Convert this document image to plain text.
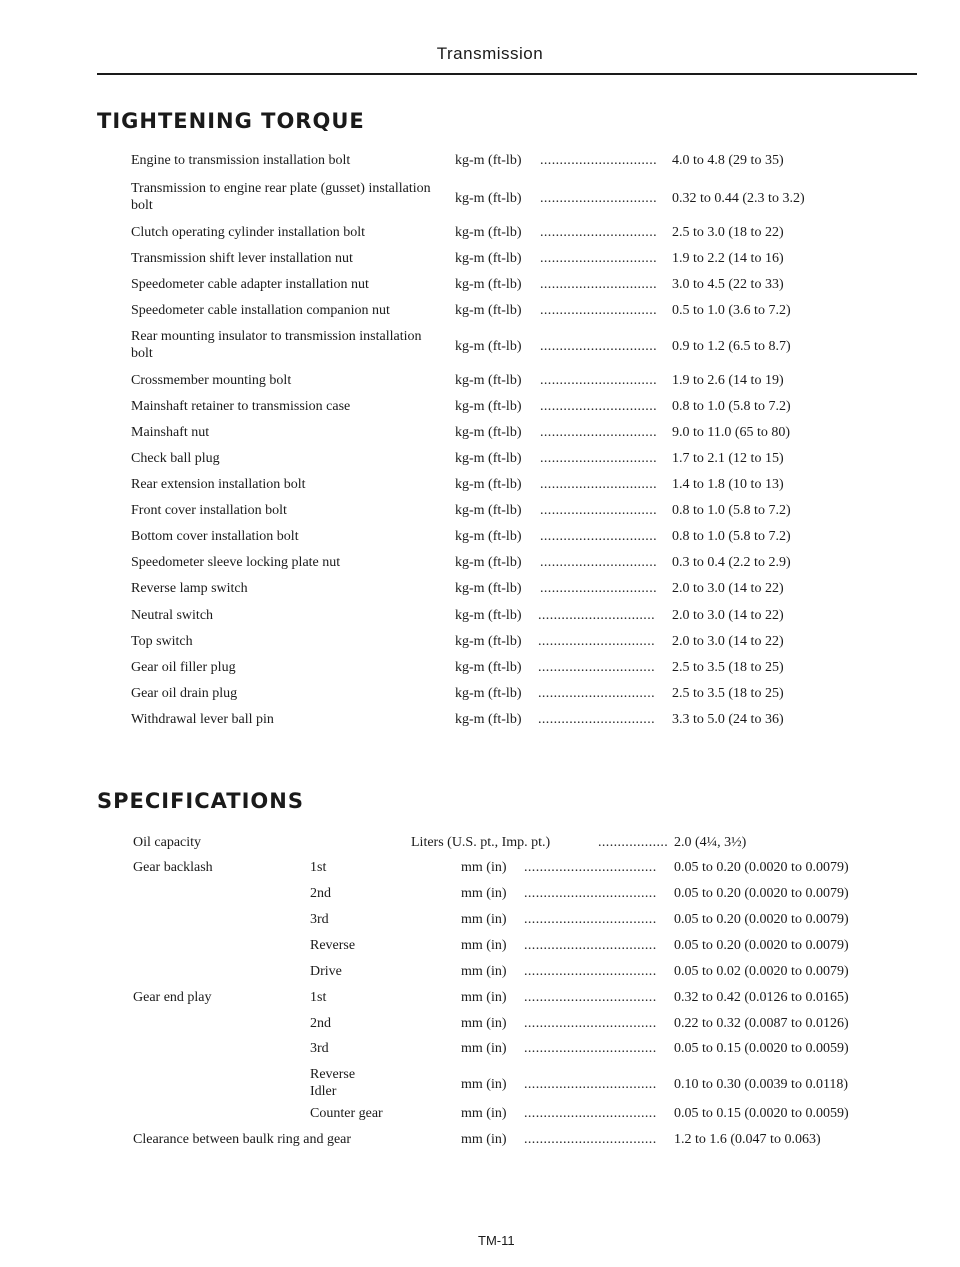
Transmission
TIGHTENING TORQUE
Engine to transmission installation bolt	kg-m (ft-lb) .............................. 4.0 to 4.8 (29 to 35)
Transmission to engine rear plate (gusset) installation bolt	kg-m (ft-lb) .............................. 0.32 to 0.44 (2.3 to 3.2)
Clutch operating cylinder installation bolt	kg-m (ft-lb) .............................. 2.5 to 3.0 (18 to 22)
Transmission shift lever installation nut	kg-m (ft-lb) .............................. 1.9 to 2.2 (14 to 16)
Speedometer cable adapter installation nut	kg-m (ft-lb) .............................. 3.0 to 4.5 (22 to 33)
Speedometer cable installation companion nut	kg-m (ft-lb) .............................. 0.5 to 1.0 (3.6 to 7.2)
Rear mounting insulator to transmission installation bolt	kg-m (ft-lb) .............................. 0.9 to 1.2 (6.5 to 8.7)
Crossmember mounting bolt	kg-m (ft-lb) .............................. 1.9 to 2.6 (14 to 19)
Mainshaft retainer to transmission case	kg-m (ft-lb) .............................. 0.8 to 1.0 (5.8 to 7.2)
Mainshaft nut	kg-m (ft-lb) .............................. 9.0 to 11.0 (65 to 80)
Check ball plug	kg-m (ft-lb) .............................. 1.7 to 2.1 (12 to 15)
Rear extension installation bolt	kg-m (ft-lb) .............................. 1.4 to 1.8 (10 to 13)
Front cover installation bolt	kg-m (ft-lb) .............................. 0.8 to 1.0 (5.8 to 7.2)
Bottom cover installation bolt	kg-m (ft-lb) .............................. 0.8 to 1.0 (5.8 to 7.2)
Speedometer sleeve locking plate nut	kg-m (ft-lb) .............................. 0.3 to 0.4 (2.2 to 2.9)
Reverse lamp switch	kg-m (ft-lb) .............................. 2.0 to 3.0 (14 to 22)
Neutral switch	kg-m (ft-lb) .............................. 2.0 to 3.0 (14 to 22)
Top switch	kg-m (ft-lb) .............................. 2.0 to 3.0 (14 to 22)
Gear oil filler plug	kg-m (ft-lb) .............................. 2.5 to 3.5 (18 to 25)
Gear oil drain plug	kg-m (ft-lb) .............................. 2.5 to 3.5 (18 to 25)
Withdrawal lever ball pin	kg-m (ft-lb) .............................. 3.3 to 5.0 (24 to 36)
SPECIFICATIONS
Oil capacity	Liters (U.S. pt., Imp. pt.)	.................. 2.0 (4¼, 3½)
Gear backlash	1st	mm (in) .................................. 0.05 to 0.20 (0.0020 to 0.0079)
2nd	mm (in) .................................. 0.05 to 0.20 (0.0020 to 0.0079)
3rd	mm (in) .................................. 0.05 to 0.20 (0.0020 to 0.0079)
Reverse	mm (in) .................................. 0.05 to 0.20 (0.0020 to 0.0079)
Drive	mm (in) .................................. 0.05 to 0.02 (0.0020 to 0.0079)
Gear end play	1st	mm (in) .................................. 0.32 to 0.42 (0.0126 to 0.0165)
2nd	mm (in) .................................. 0.22 to 0.32 (0.0087 to 0.0126)
3rd	mm (in) .................................. 0.05 to 0.15 (0.0020 to 0.0059)
Reverse Idler	mm (in) .................................. 0.10 to 0.30 (0.0039 to 0.0118)
Counter gear	mm (in) .................................. 0.05 to 0.15 (0.0020 to 0.0059)
Clearance between baulk ring and gear	mm (in) .................................. 1.2 to 1.6 (0.047 to 0.063)
TM-11
